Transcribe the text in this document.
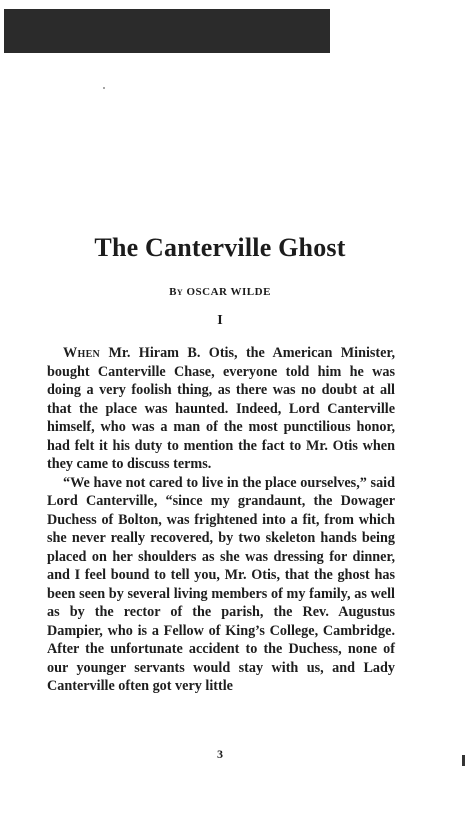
The Canterville Ghost
By OSCAR WILDE
I

When Mr. Hiram B. Otis, the American Minister, bought Canterville Chase, everyone told him he was doing a very foolish thing, as there was no doubt at all that the place was haunted. Indeed, Lord Canterville himself, who was a man of the most punctilious honor, had felt it his duty to mention the fact to Mr. Otis when they came to discuss terms.

“We have not cared to live in the place ourselves,” said Lord Canterville, “since my grandaunt, the Dowager Duchess of Bolton, was frightened into a fit, from which she never really recovered, by two skeleton hands being placed on her shoulders as she was dressing for dinner, and I feel bound to tell you, Mr. Otis, that the ghost has been seen by several living members of my family, as well as by the rector of the parish, the Rev. Augustus Dampier, who is a Fellow of King’s College, Cambridge. After the unfortunate accident to the Duchess, none of our younger servants would stay with us, and Lady Canterville often got very little

3
